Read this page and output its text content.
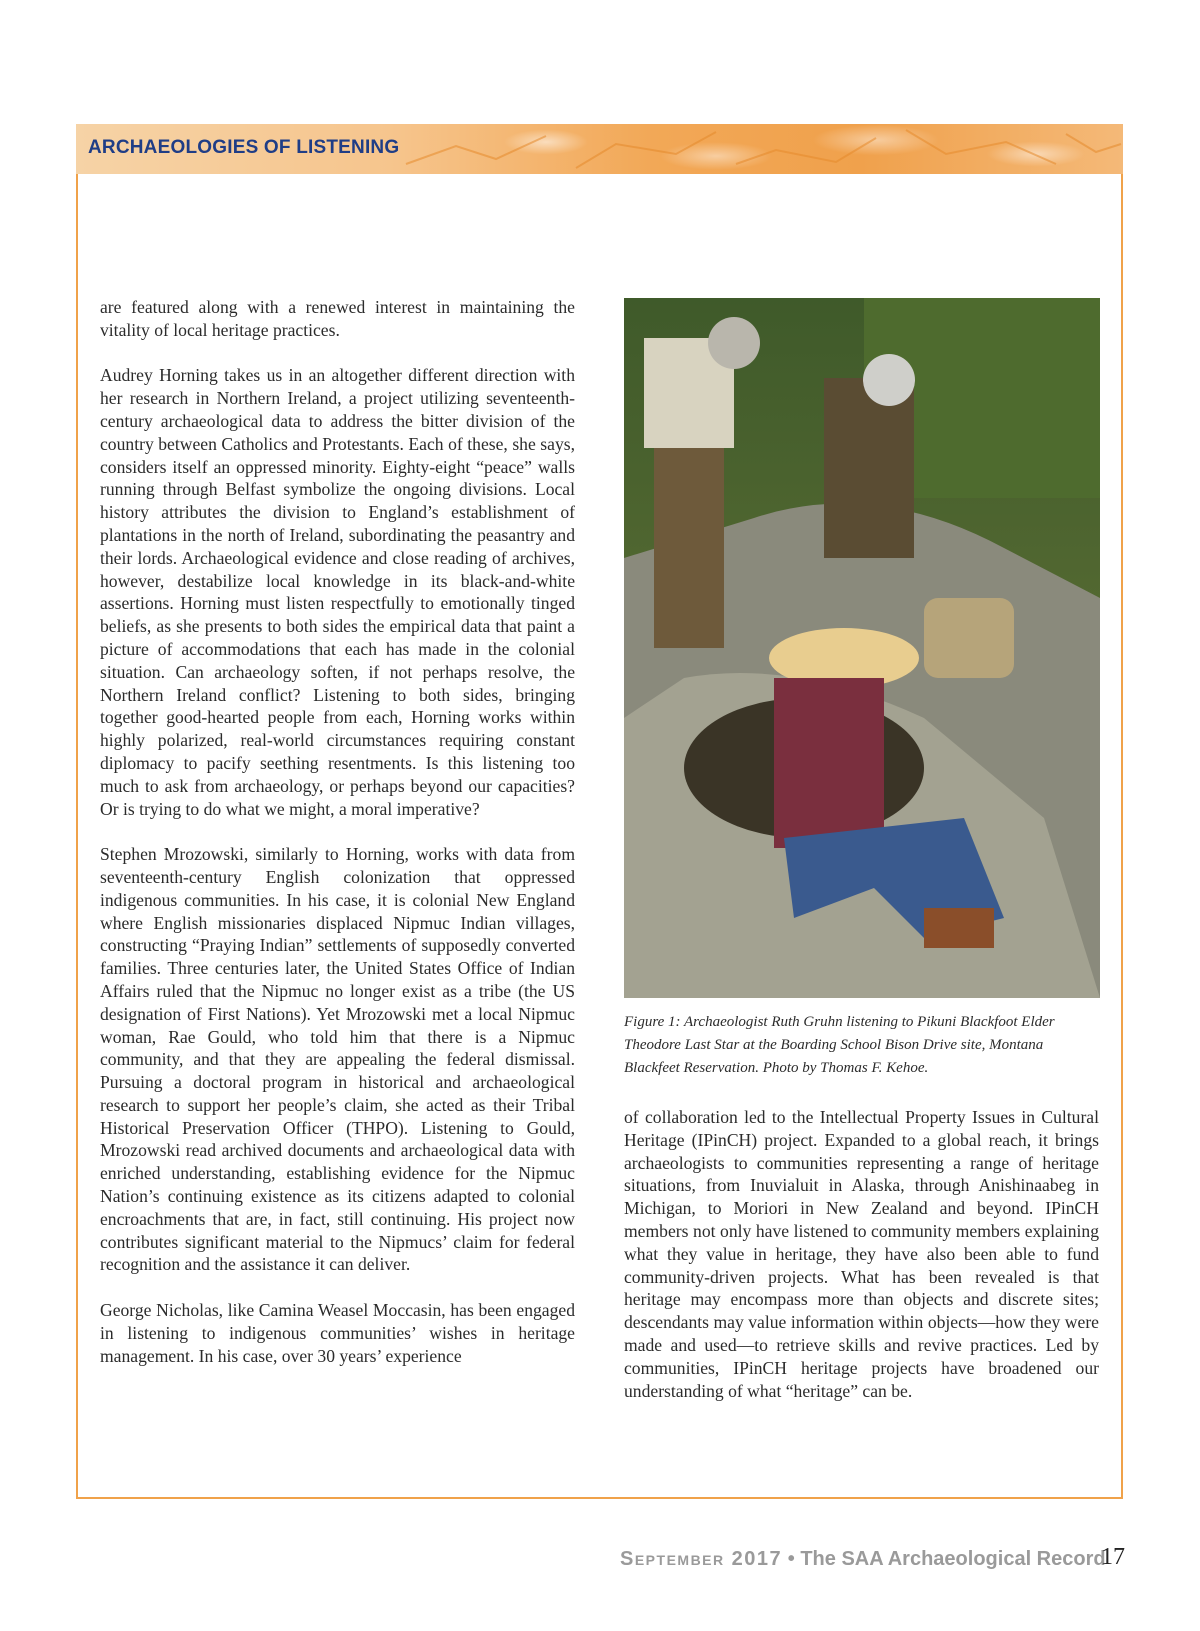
ARCHAEOLOGIES OF LISTENING

are featured along with a renewed interest in maintaining the vitality of local heritage practices.

Audrey Horning takes us in an altogether different direction with her research in Northern Ireland, a project utilizing seventeenth-century archaeological data to address the bitter division of the country between Catholics and Protestants. Each of these, she says, considers itself an oppressed minority. Eighty-eight “peace” walls running through Belfast symbolize the ongoing divisions. Local history attributes the division to England’s establishment of plantations in the north of Ireland, subordinating the peasantry and their lords. Archaeological evidence and close reading of archives, however, destabilize local knowledge in its black-and-white assertions. Horning must listen respectfully to emotionally tinged beliefs, as she presents to both sides the empirical data that paint a picture of accommodations that each has made in the colonial situation. Can archaeology soften, if not perhaps resolve, the Northern Ireland conflict? Listening to both sides, bringing together good-hearted people from each, Horning works within highly polarized, real-world circumstances requiring constant diplomacy to pacify seething resentments. Is this listening too much to ask from archaeology, or perhaps beyond our capacities? Or is trying to do what we might, a moral imperative?

Stephen Mrozowski, similarly to Horning, works with data from seventeenth-century English colonization that oppressed indigenous communities. In his case, it is colonial New England where English missionaries displaced Nipmuc Indian villages, constructing “Praying Indian” settlements of supposedly converted families. Three centuries later, the United States Office of Indian Affairs ruled that the Nipmuc no longer exist as a tribe (the US designation of First Nations). Yet Mrozowski met a local Nipmuc woman, Rae Gould, who told him that there is a Nipmuc community, and that they are appealing the federal dismissal. Pursuing a doctoral program in historical and archaeological research to support her people’s claim, she acted as their Tribal Historical Preservation Officer (THPO). Listening to Gould, Mrozowski read archived documents and archaeological data with enriched understanding, establishing evidence for the Nipmuc Nation’s continuing existence as its citizens adapted to colonial encroachments that are, in fact, still continuing. His project now contributes significant material to the Nipmucs’ claim for federal recognition and the assistance it can deliver.

George Nicholas, like Camina Weasel Moccasin, has been engaged in listening to indigenous communities’ wishes in heritage management. In his case, over 30 years’ experience

Figure 1: Archaeologist Ruth Gruhn listening to Pikuni Blackfoot Elder Theodore Last Star at the Boarding School Bison Drive site, Montana Blackfeet Reservation. Photo by Thomas F. Kehoe.

of collaboration led to the Intellectual Property Issues in Cultural Heritage (IPinCH) project. Expanded to a global reach, it brings archaeologists to communities representing a range of heritage situations, from Inuvialuit in Alaska, through Anishinaabeg in Michigan, to Moriori in New Zealand and beyond. IPinCH members not only have listened to community members explaining what they value in heritage, they have also been able to fund community-driven projects. What has been revealed is that heritage may encompass more than objects and discrete sites; descendants may value information within objects—how they were made and used—to retrieve skills and revive practices. Led by communities, IPinCH heritage projects have broadened our understanding of what “heritage” can be.

September 2017 • The SAA Archaeological Record
17
